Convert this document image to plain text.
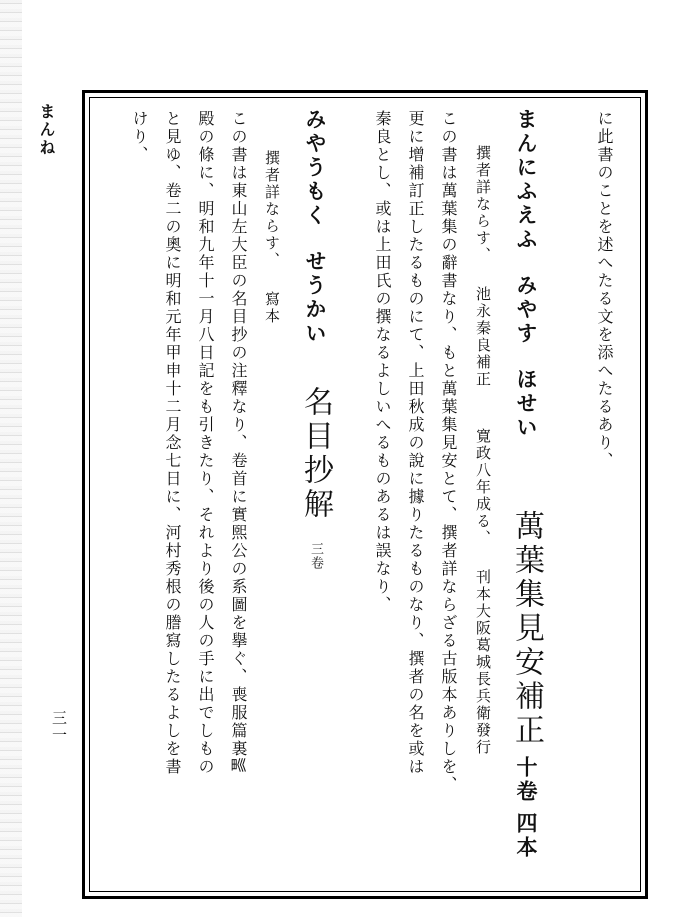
まんね
三一
に此書のことを述へたる文を添へたるあり、
まんにふえふみやすほせい萬葉集見安補正十卷四本
撰者詳ならす、池永秦良補正寛政八年成る、刊本大阪葛城長兵衛發行
この書は萬葉集の辭書なり、もと萬葉集見安とて、撰者詳ならざる古版本ありしを、
更に增補訂正したるものにて、上田秋成の說に據りたるものなり、撰者の名を或は
秦良とし、或は上田氏の撰なるよしいへるものあるは誤なり、
みやうもくせうかい名目抄解三卷
撰者詳ならす、寫本
この書は東山左大臣の名目抄の注釋なり、卷首に實煕公の系圖を擧ぐ、喪服篇裏𤰝
殿の條に、明和九年十一月八日記をも引きたり、それより後の人の手に出でしもの
と見ゆ、卷二の奧に明和元年甲申十二月念七日に、河村秀根の謄寫したるよしを書
けり、
